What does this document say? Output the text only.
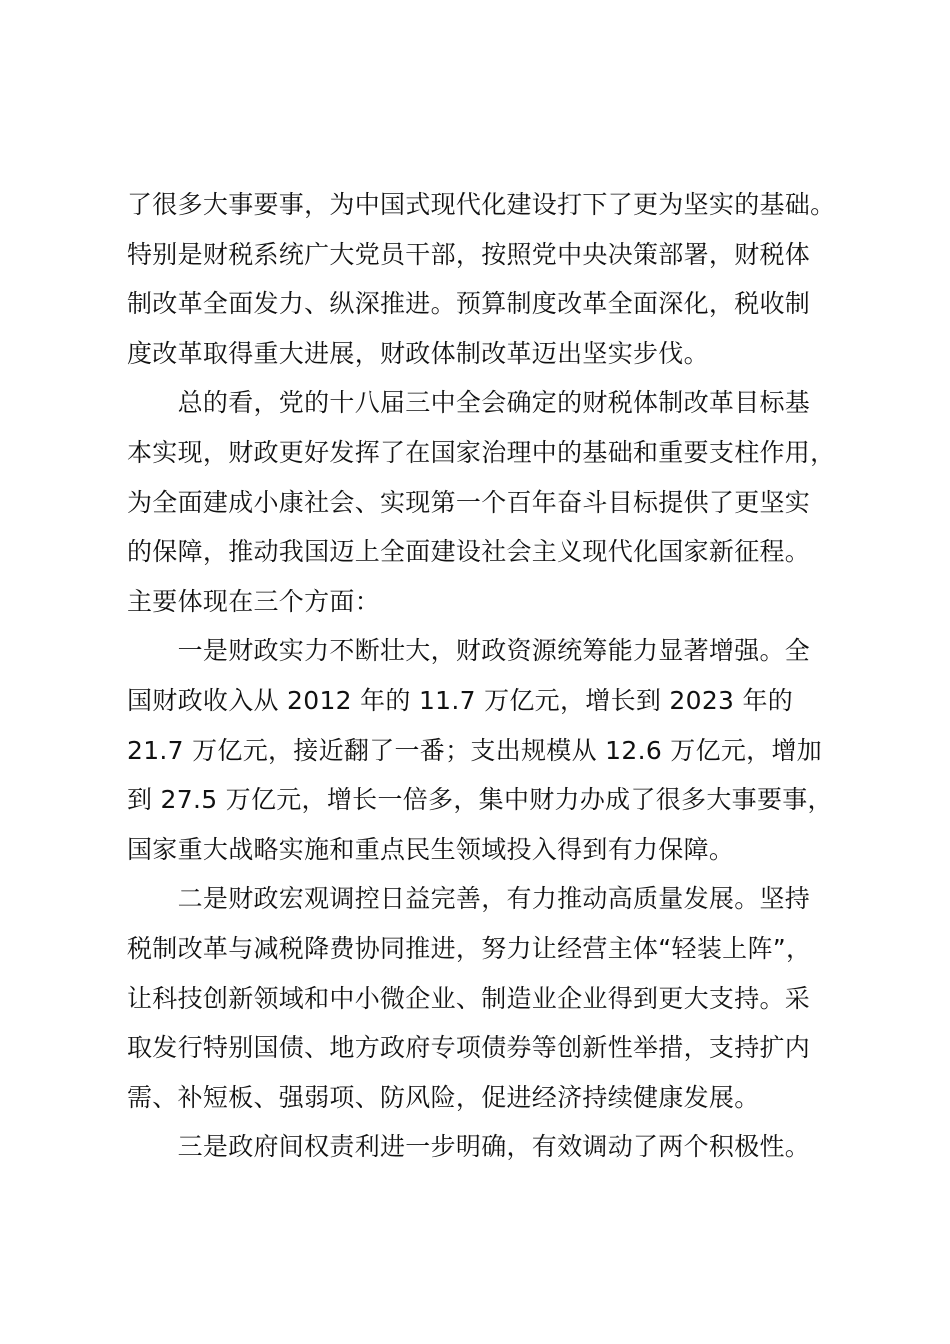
了很多大事要事，为中国式现代化建设打下了更为坚实的基础。
特别是财税系统广大党员干部，按照党中央决策部署，财税体
制改革全面发力、纵深推进。预算制度改革全面深化，税收制
度改革取得重大进展，财政体制改革迈出坚实步伐。
　　总的看，党的十八届三中全会确定的财税体制改革目标基
本实现，财政更好发挥了在国家治理中的基础和重要支柱作用，
为全面建成小康社会、实现第一个百年奋斗目标提供了更坚实
的保障，推动我国迈上全面建设社会主义现代化国家新征程。
主要体现在三个方面：
　　一是财政实力不断壮大，财政资源统筹能力显著增强。全
国财政收入从 2012 年的 11.7 万亿元，增长到 2023 年的
21.7 万亿元，接近翻了一番；支出规模从 12.6 万亿元，增加
到 27.5 万亿元，增长一倍多，集中财力办成了很多大事要事，
国家重大战略实施和重点民生领域投入得到有力保障。
　　二是财政宏观调控日益完善，有力推动高质量发展。坚持
税制改革与减税降费协同推进，努力让经营主体“轻装上阵”，
让科技创新领域和中小微企业、制造业企业得到更大支持。采
取发行特别国债、地方政府专项债券等创新性举措，支持扩内
需、补短板、强弱项、防风险，促进经济持续健康发展。
　　三是政府间权责利进一步明确，有效调动了两个积极性。
